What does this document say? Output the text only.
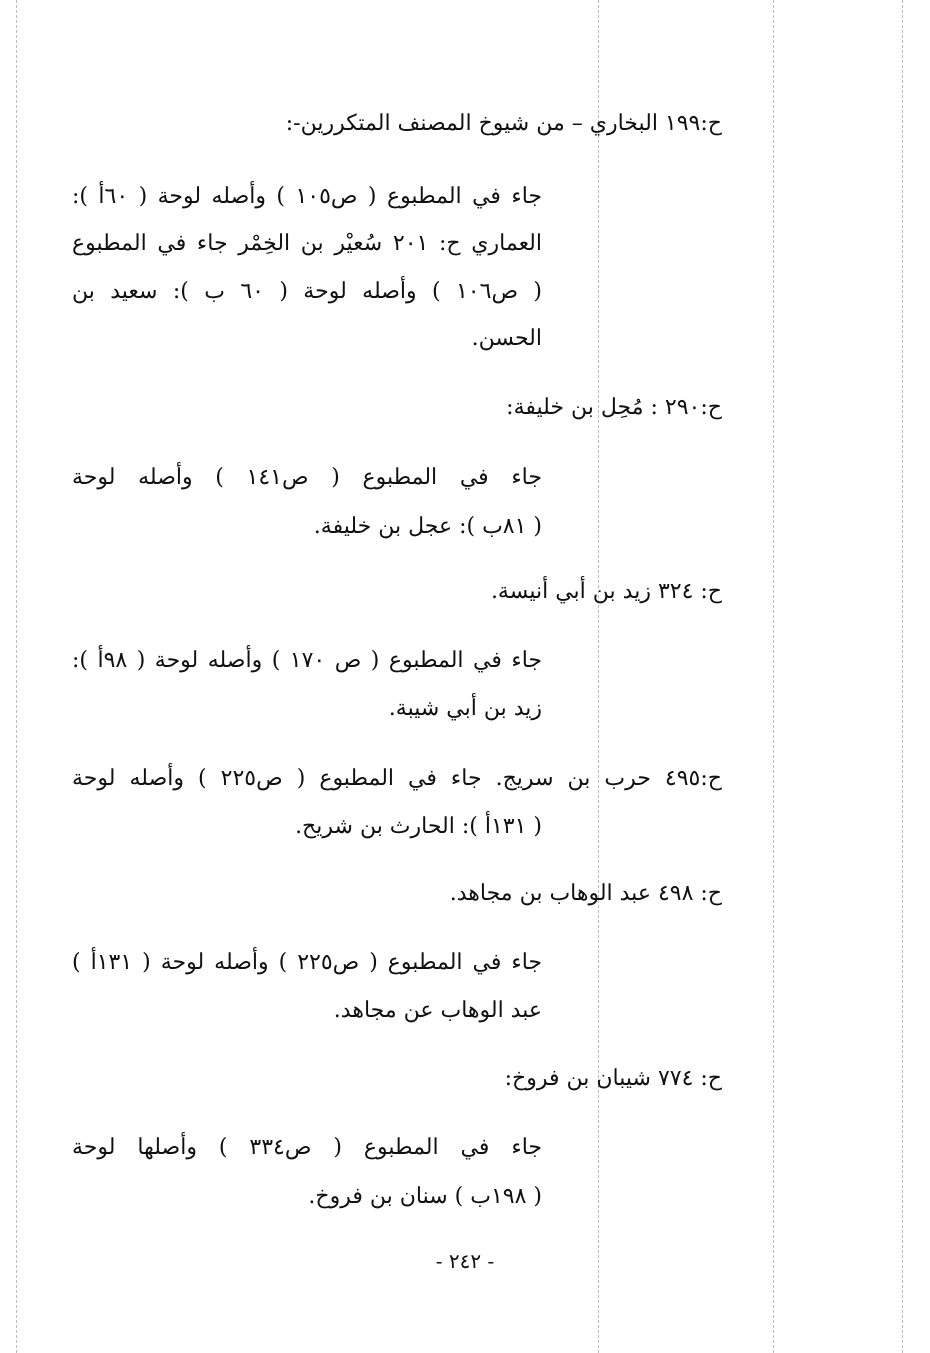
ح:١٩٩ البخاري – من شيوخ المصنف المتكررين-:
جاء في المطبوع ( ص١٠٥ ) وأصله لوحة ( ٦٠أ ):
العماري ح: ٢٠١ سُعيْر بن الخِمْر جاء في المطبوع
( ص١٠٦ ) وأصله لوحة ( ٦٠ ب ): سعيد بن
الحسن.
ح:٢٩٠ : مُحِل بن خليفة:
جاء في المطبوع ( ص١٤١ ) وأصله لوحة
( ٨١ب ): عجل بن خليفة.
ح: ٣٢٤ زيد بن أبي أنيسة.
جاء في المطبوع ( ص ١٧٠ ) وأصله لوحة ( ٩٨أ ):
زيد بن أبي شيبة.
ح:٤٩٥ حرب بن سريج. جاء في المطبوع ( ص٢٢٥ ) وأصله لوحة
( ١٣١أ ): الحارث بن شريح.
ح: ٤٩٨ عبد الوهاب بن مجاهد.
جاء في المطبوع ( ص٢٢٥ ) وأصله لوحة ( ١٣١أ )
عبد الوهاب عن مجاهد.
ح: ٧٧٤ شيبان بن فروخ:
جاء في المطبوع ( ص٣٣٤ ) وأصلها لوحة
( ١٩٨ب ) سنان بن فروخ.
- ٢٤٢ -
